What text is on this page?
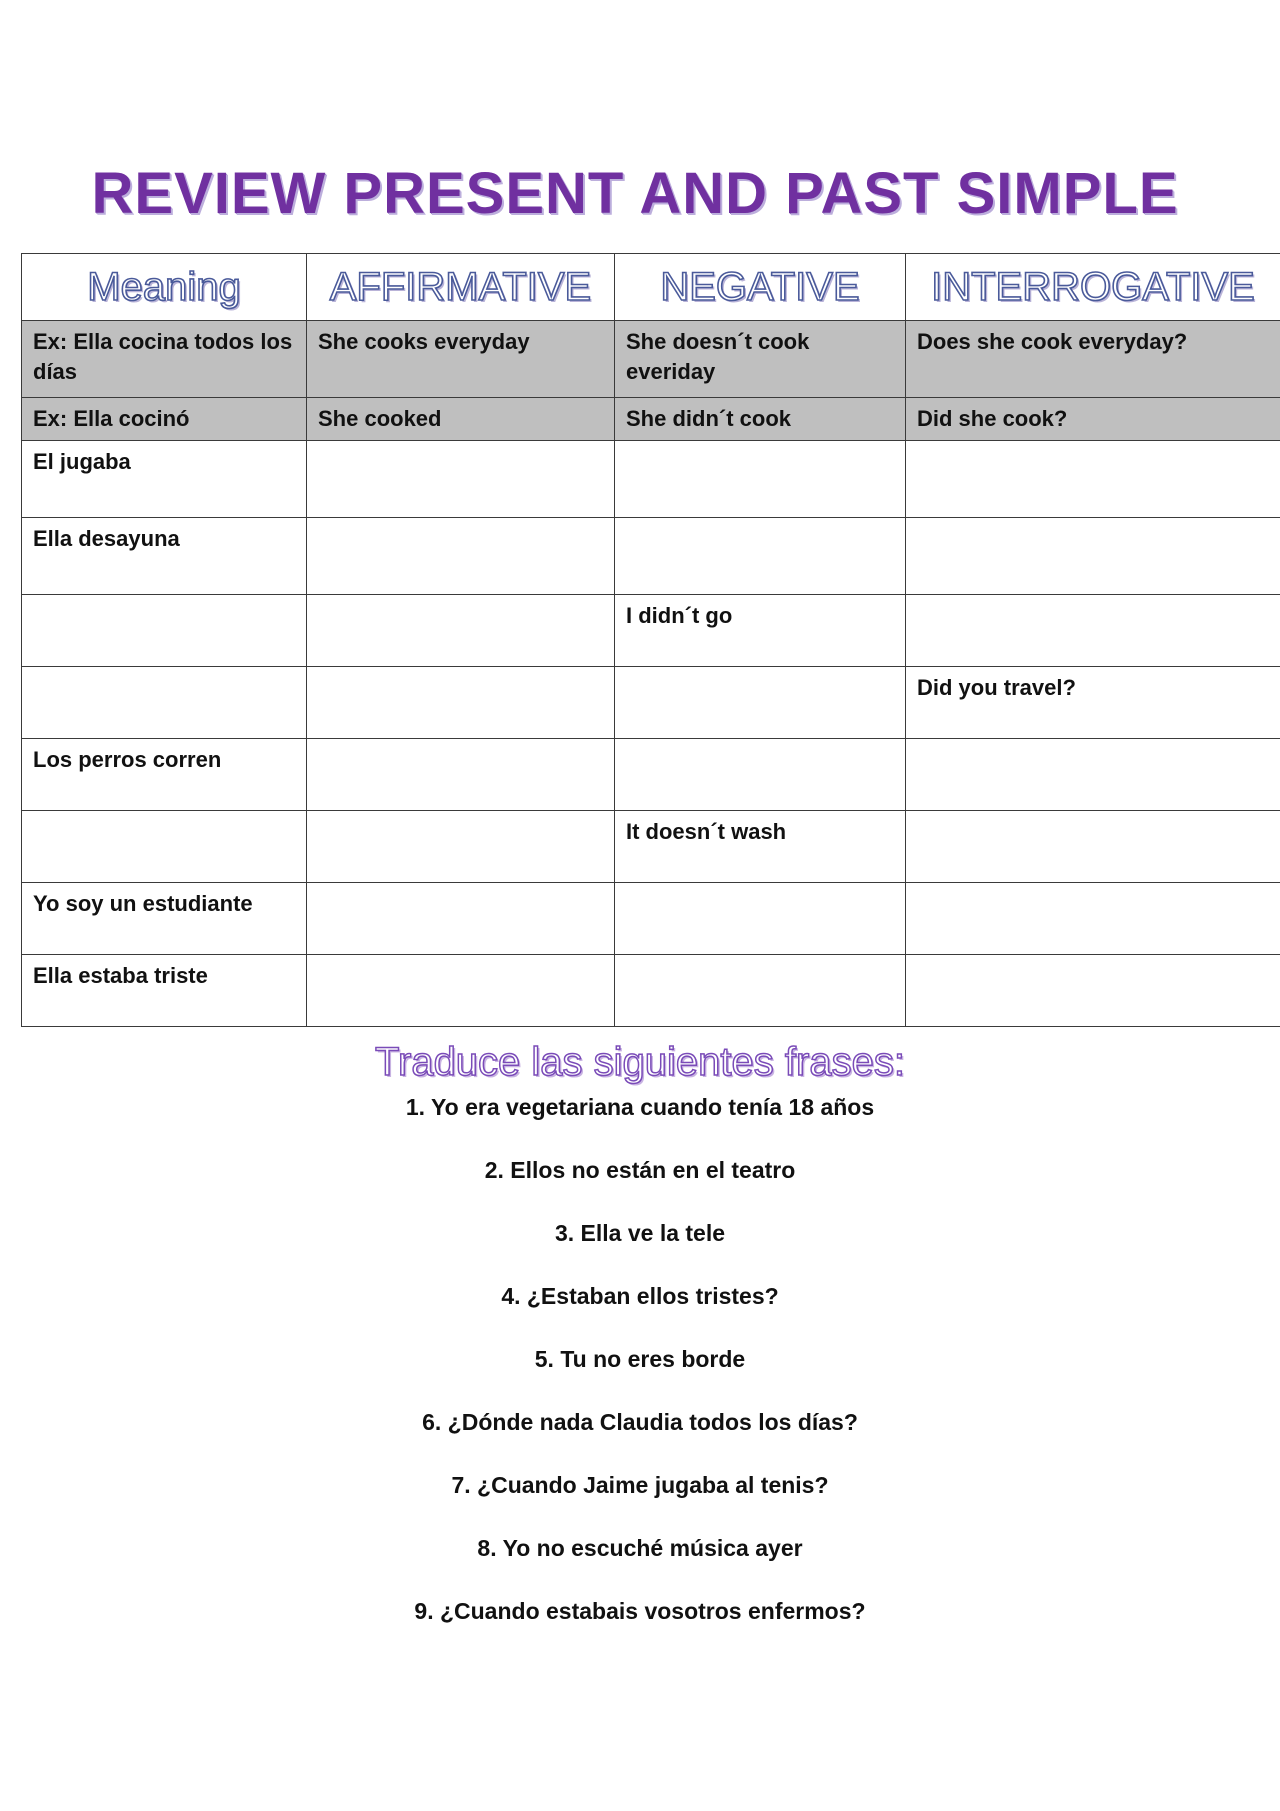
REVIEW PRESENT AND PAST SIMPLE
Meaning	AFFIRMATIVE	NEGATIVE	INTERROGATIVE
Ex: Ella cocina todos los días	She cooks everyday	She doesn´t cook everiday	Does she cook everyday?
Ex: Ella cocinó	She cooked	She didn´t cook	Did she cook?
El jugaba			
Ella desayuna			
		I didn´t go	
			Did you travel?
Los perros corren			
		It doesn´t wash	
Yo soy un estudiante			
Ella estaba triste			
Traduce las siguientes frases:
1. Yo era vegetariana cuando tenía 18 años
2. Ellos no están en el teatro
3. Ella ve la tele
4. ¿Estaban ellos tristes?
5. Tu no eres borde
6. ¿Dónde nada Claudia todos los días?
7. ¿Cuando Jaime jugaba al tenis?
8. Yo no escuché música ayer
9. ¿Cuando estabais vosotros enfermos?
